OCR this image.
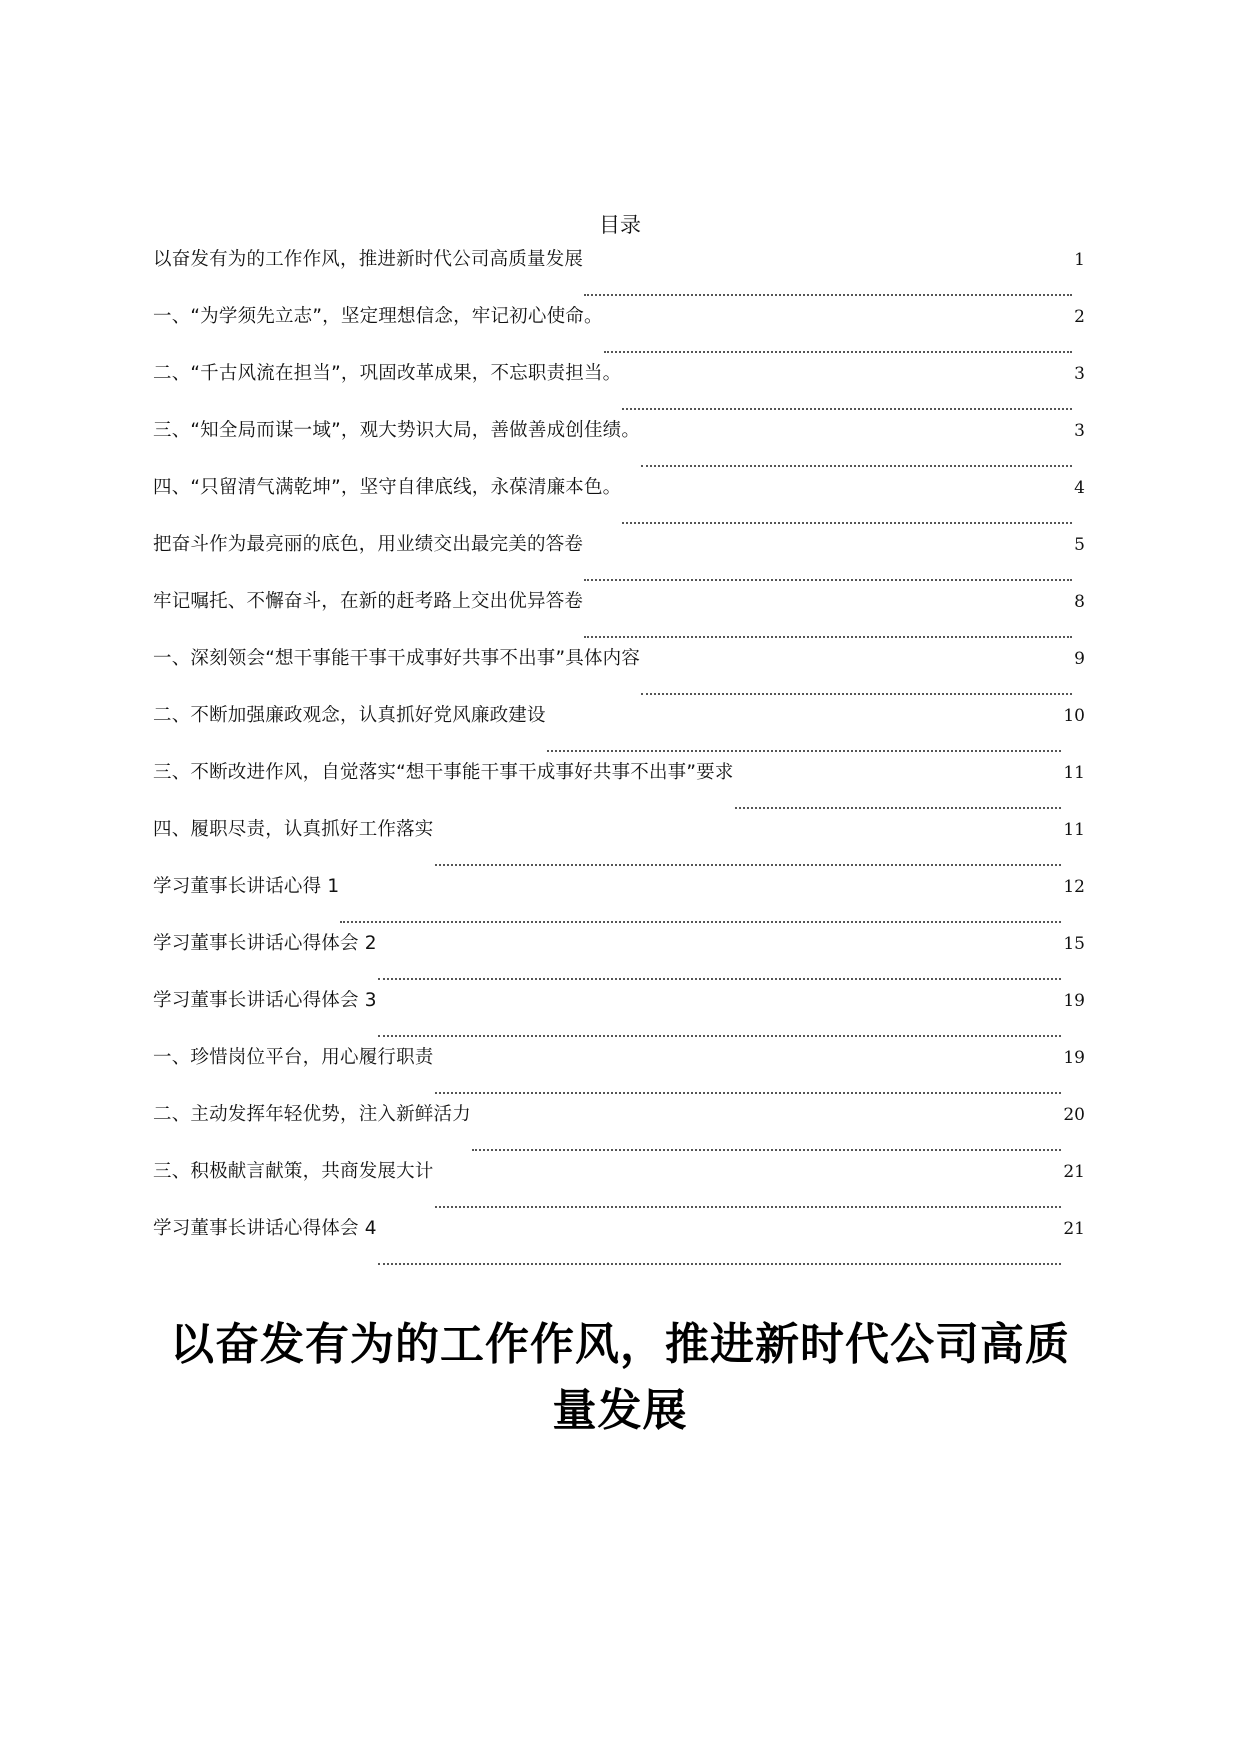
目录
以奋发有为的工作作风，推进新时代公司高质量发展	1
一、“为学须先立志”，坚定理想信念，牢记初心使命。	2
二、“千古风流在担当”，巩固改革成果，不忘职责担当。	3
三、“知全局而谋一域”，观大势识大局，善做善成创佳绩。	3
四、“只留清气满乾坤”，坚守自律底线，永葆清廉本色。	4
把奋斗作为最亮丽的底色，用业绩交出最完美的答卷	5
牢记嘱托、不懈奋斗，在新的赶考路上交出优异答卷	8
一、深刻领会“想干事能干事干成事好共事不出事”具体内容	9
二、不断加强廉政观念，认真抓好党风廉政建设	10
三、不断改进作风，自觉落实“想干事能干事干成事好共事不出事”要求	11
四、履职尽责，认真抓好工作落实	11
学习董事长讲话心得 1	12
学习董事长讲话心得体会 2	15
学习董事长讲话心得体会 3	19
一、珍惜岗位平台，用心履行职责	19
二、主动发挥年轻优势，注入新鲜活力	20
三、积极献言献策，共商发展大计	21
学习董事长讲话心得体会 4	21
以奋发有为的工作作风，推进新时代公司高质
量发展
